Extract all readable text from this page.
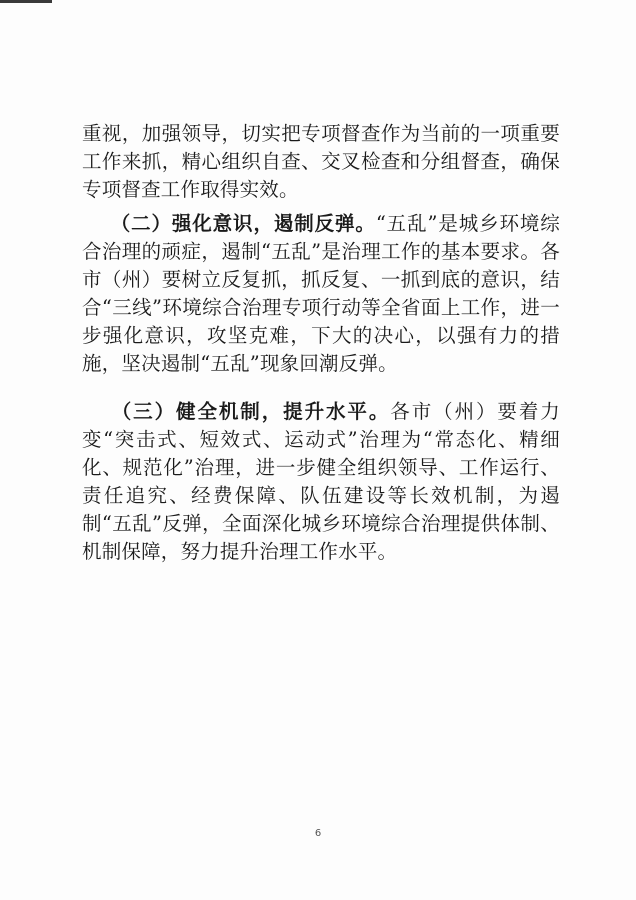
重视，加强领导，切实把专项督查作为当前的一项重要工作来抓，精心组织自查、交叉检查和分组督查，确保专项督查工作取得实效。

（二）强化意识，遏制反弹。“五乱”是城乡环境综合治理的顽症，遏制“五乱”是治理工作的基本要求。各市（州）要树立反复抓，抓反复、一抓到底的意识，结合“三线”环境综合治理专项行动等全省面上工作，进一步强化意识，攻坚克难，下大的决心，以强有力的措施，坚决遏制“五乱”现象回潮反弹。

（三）健全机制，提升水平。各市（州）要着力变“突击式、短效式、运动式”治理为“常态化、精细化、规范化”治理，进一步健全组织领导、工作运行、责任追究、经费保障、队伍建设等长效机制，为遏制“五乱”反弹，全面深化城乡环境综合治理提供体制、机制保障，努力提升治理工作水平。

6
